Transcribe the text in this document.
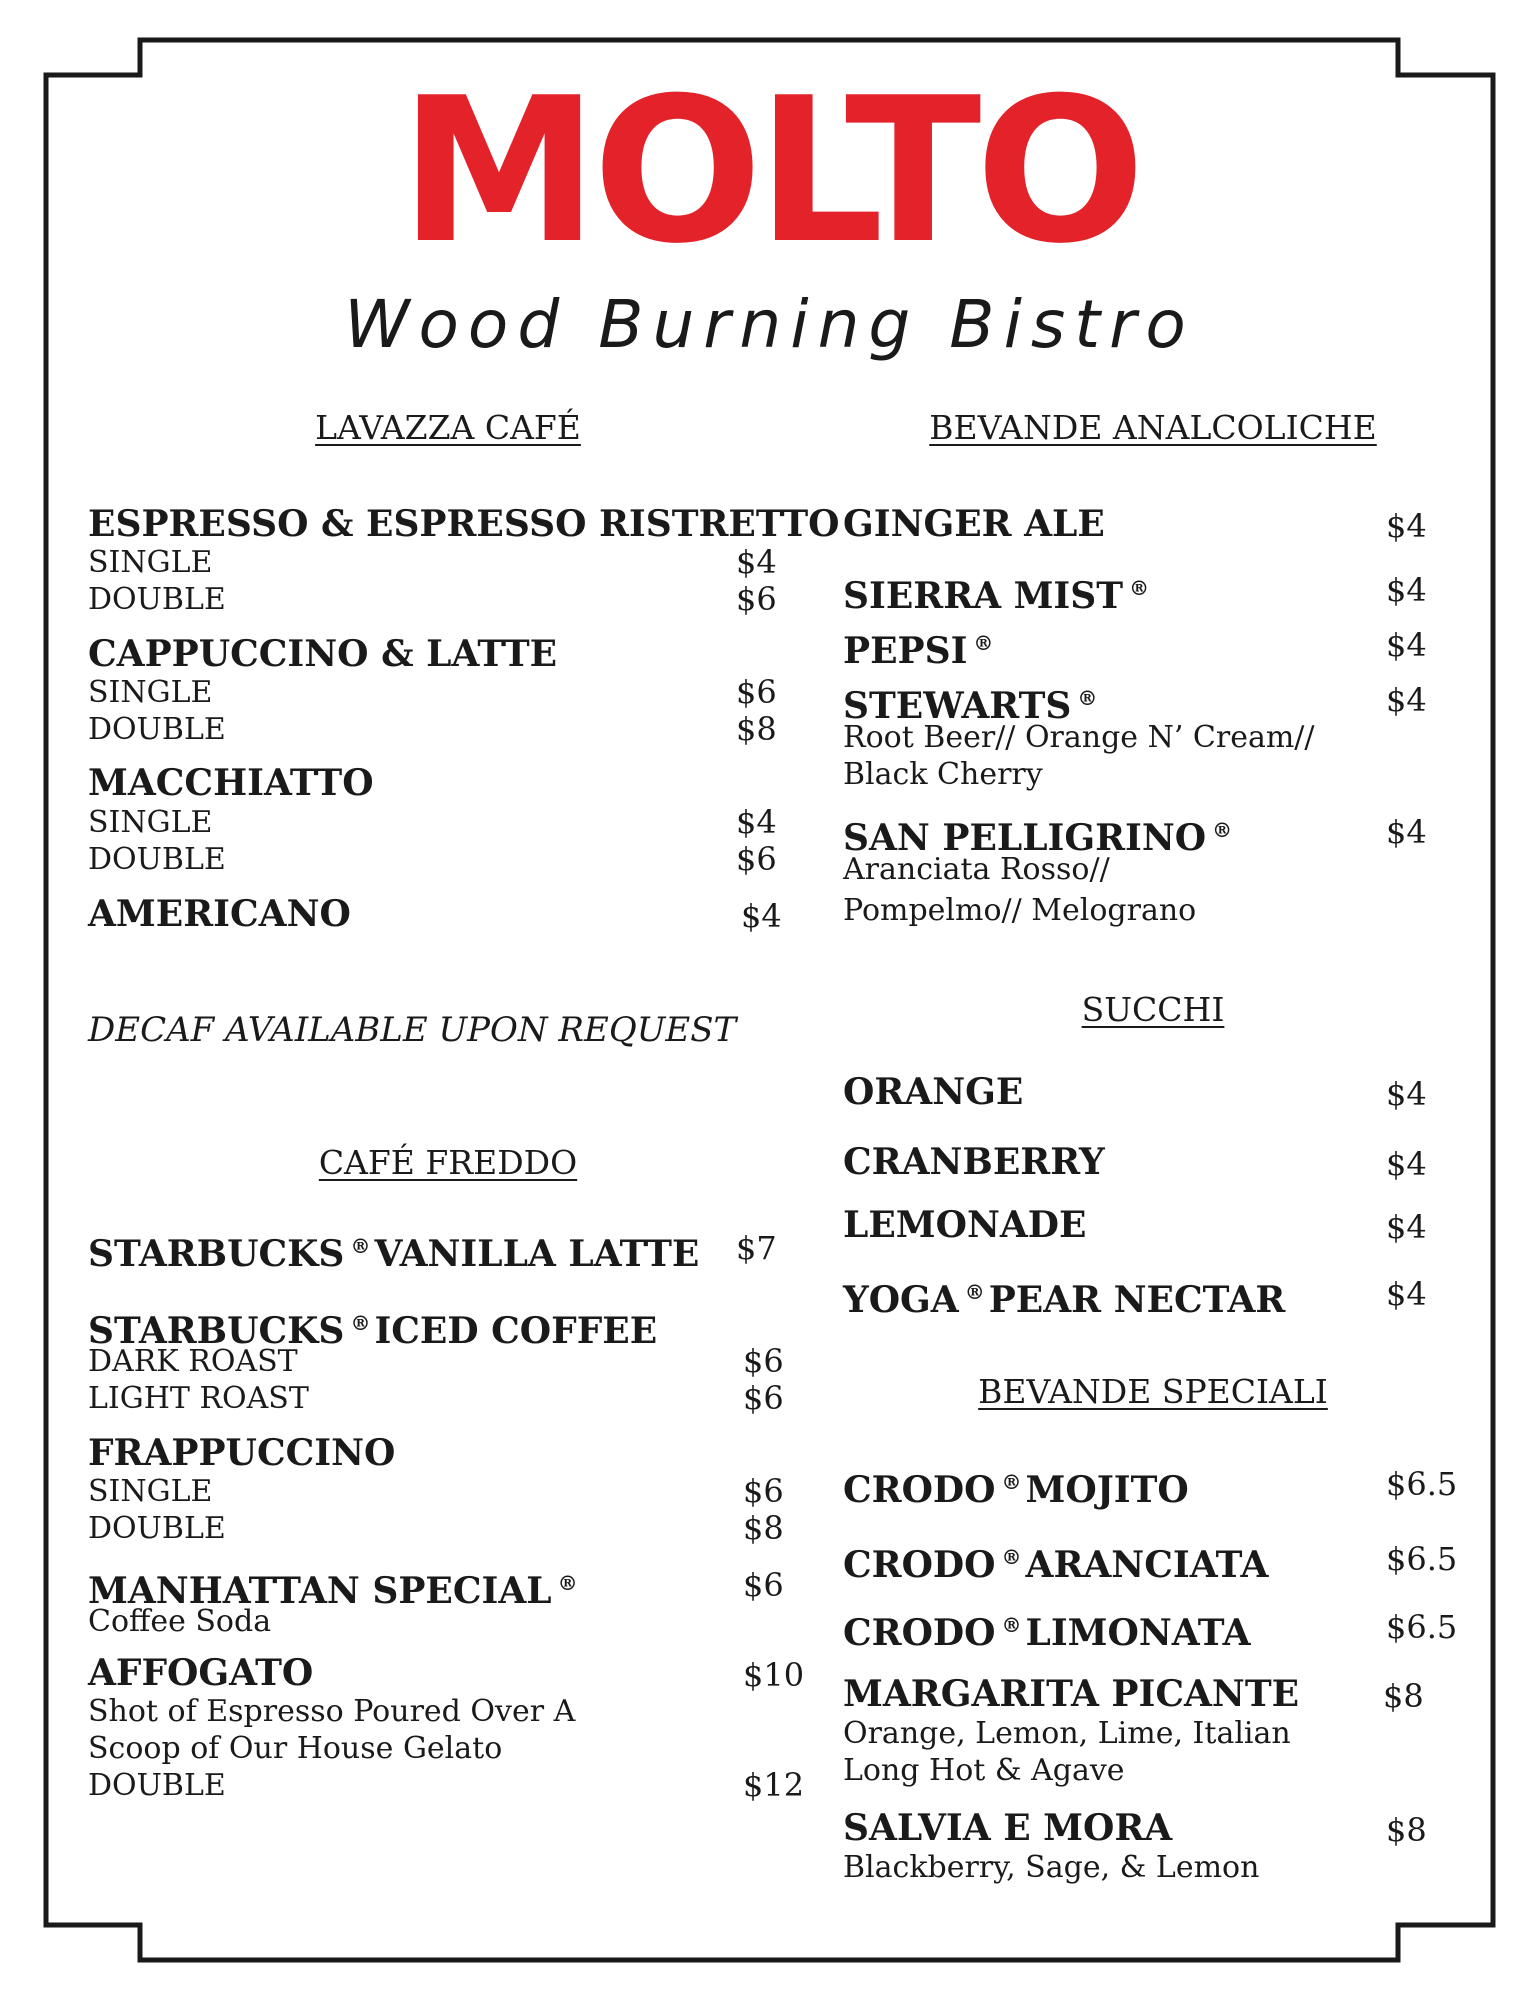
MOLTO
Wood Burning Bistro
LAVAZZA CAFÉ
ESPRESSO & ESPRESSO RISTRETTO
SINGLE	$4
DOUBLE	$6
CAPPUCCINO & LATTE
SINGLE	$6
DOUBLE	$8
MACCHIATTO
SINGLE	$4
DOUBLE	$6
AMERICANO	$4
DECAF AVAILABLE UPON REQUEST
CAFÉ FREDDO
STARBUCKS ® VANILLA LATTE $7
STARBUCKS ® ICED COFFEE
DARK ROAST	$6
LIGHT ROAST	$6
FRAPPUCCINO
SINGLE	$6
DOUBLE	$8
MANHATTAN SPECIAL ®	$6
Coffee Soda
AFFOGATO	$10
Shot of Espresso Poured Over A
Scoop of Our House Gelato
DOUBLE	$12
BEVANDE ANALCOLICHE
GINGER ALE	$4
SIERRA MIST ®	$4
PEPSI ®	$4
STEWARTS ®	$4
Root Beer// Orange N’ Cream//
Black Cherry
SAN PELLIGRINO ®	$4
Aranciata Rosso//
Pompelmo// Melograno
SUCCHI
ORANGE	$4
CRANBERRY	$4
LEMONADE	$4
YOGA ® PEAR NECTAR	$4
BEVANDE SPECIALI
CRODO ® MOJITO	$6.5
CRODO ® ARANCIATA	$6.5
CRODO ® LIMONATA	$6.5
MARGARITA PICANTE	$8
Orange, Lemon, Lime, Italian
Long Hot & Agave
SALVIA E MORA	$8
Blackberry, Sage, & Lemon
